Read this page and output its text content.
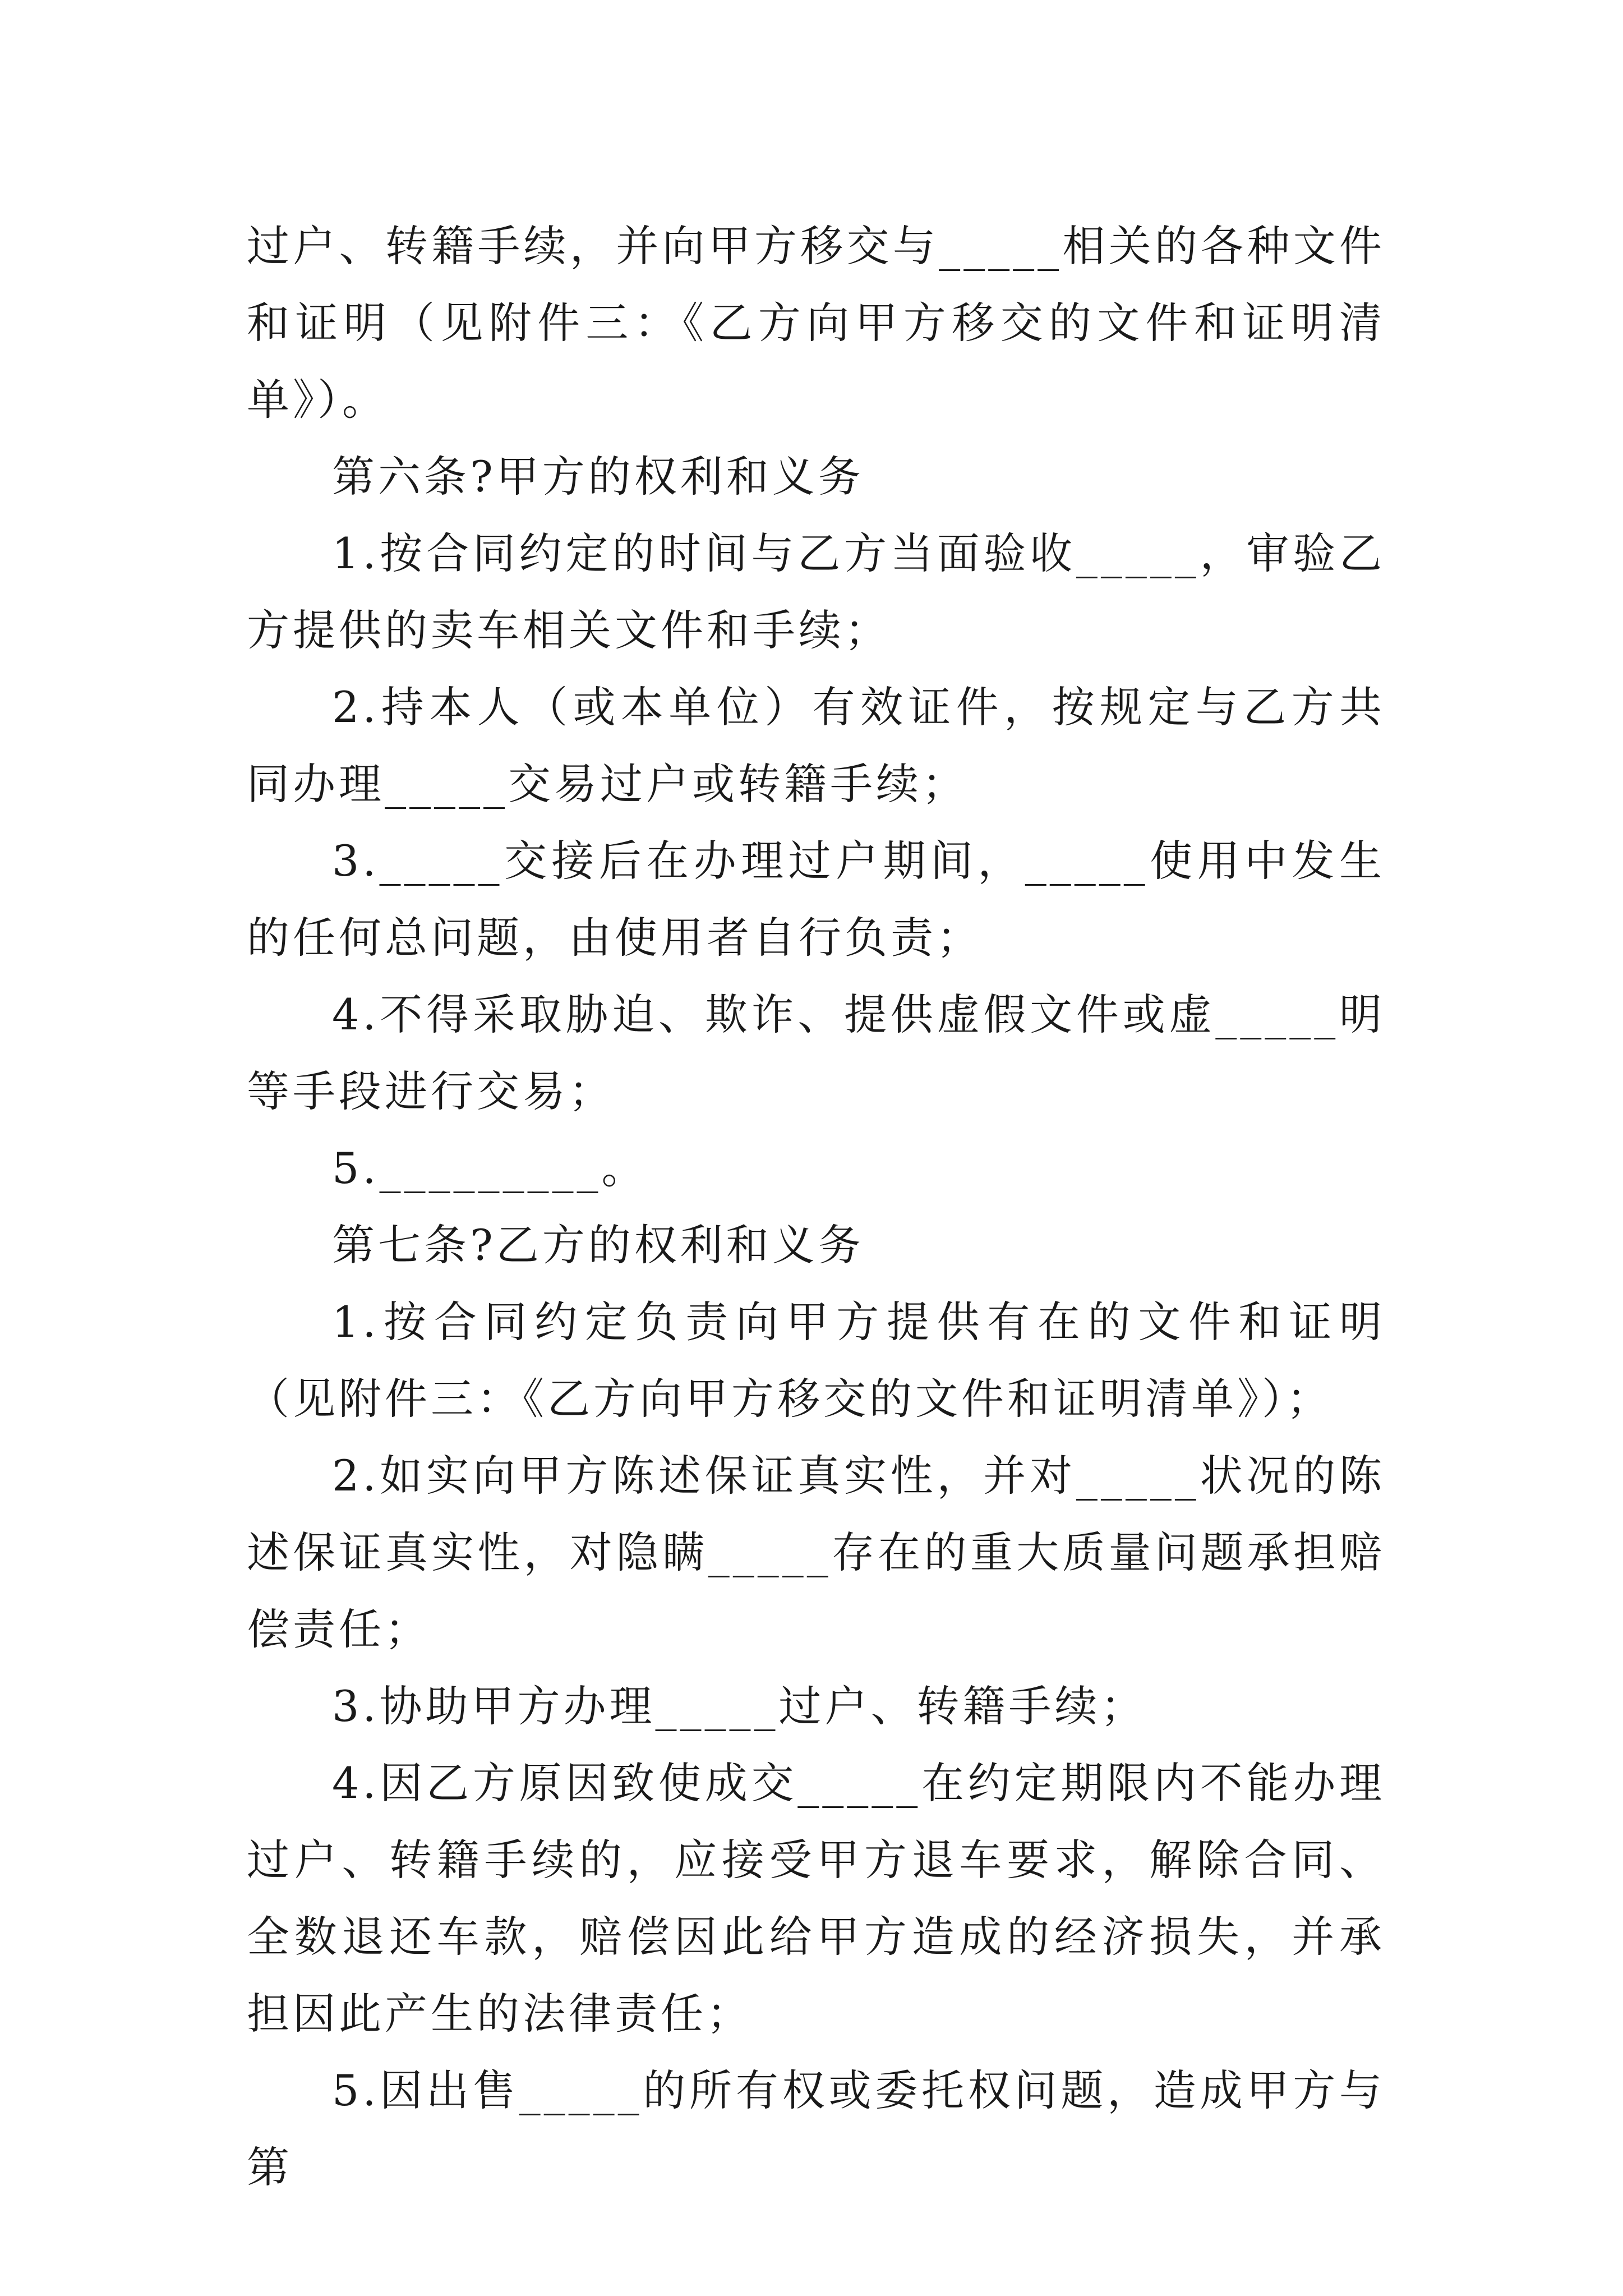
过户、转籍手续，并向甲方移交与_____相关的各种文件和证明（见附件三：《乙方向甲方移交的文件和证明清单》）。

第六条?甲方的权利和义务

1.按合同约定的时间与乙方当面验收_____，审验乙方提供的卖车相关文件和手续；

2.持本人（或本单位）有效证件，按规定与乙方共同办理_____交易过户或转籍手续；

3._____交接后在办理过户期间，_____使用中发生的任何总问题，由使用者自行负责；

4.不得采取胁迫、欺诈、提供虚假文件或虚_____明等手段进行交易；

5._________。

第七条?乙方的权利和义务

1.按合同约定负责向甲方提供有在的文件和证明（见附件三：《乙方向甲方移交的文件和证明清单》）；

2.如实向甲方陈述保证真实性，并对_____状况的陈述保证真实性，对隐瞒_____存在的重大质量问题承担赔偿责任；

3.协助甲方办理_____过户、转籍手续；

4.因乙方原因致使成交_____在约定期限内不能办理过户、转籍手续的，应接受甲方退车要求，解除合同、全数退还车款，赔偿因此给甲方造成的经济损失，并承担因此产生的法律责任；

5.因出售_____的所有权或委托权问题，造成甲方与第
